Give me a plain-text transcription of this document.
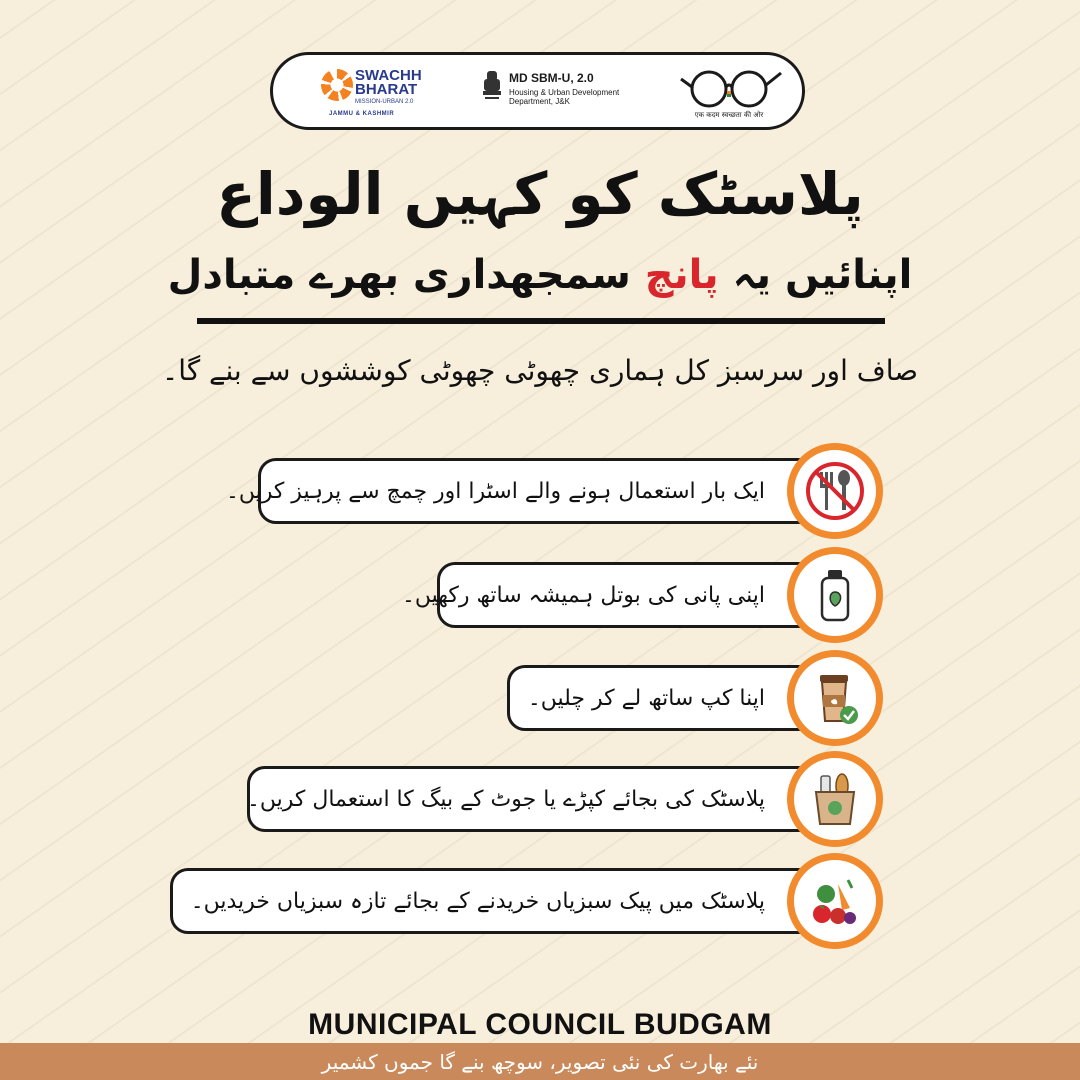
SWACHH
BHARAT
MISSION-URBAN 2.0
JAMMU & KASHMIR
MD SBM-U, 2.0
Housing & Urban Development Department, J&K
एक कदम स्वच्छता की ओर
پلاسٹک کو کہیں الوداع
اپنائیں یہ پانچ سمجھداری بھرے متبادل
صاف اور سرسبز کل ہماری چھوٹی چھوٹی کوششوں سے بنے گا۔
ایک بار استعمال ہونے والے اسٹرا اور چمچ سے پرہیز کریں۔
اپنی پانی کی بوتل ہمیشہ ساتھ رکھیں۔
اپنا کپ ساتھ لے کر چلیں۔
پلاسٹک کی بجائے کپڑے یا جوٹ کے بیگ کا استعمال کریں۔
پلاسٹک میں پیک سبزیاں خریدنے کے بجائے تازہ سبزیاں خریدیں۔
MUNICIPAL COUNCIL BUDGAM
نئے بھارت کی نئی تصویر، سوچھ بنے گا جموں کشمیر
